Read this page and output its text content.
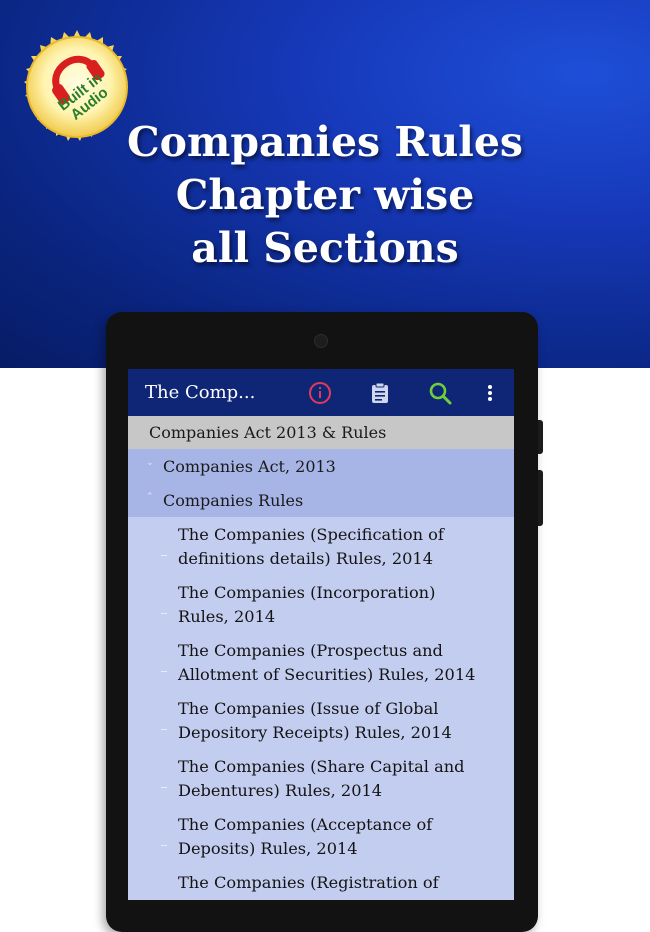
Built in Audio
Companies Rules
Chapter wise
all Sections
The Comp...
Companies Act 2013 & Rules
⌄ Companies Act, 2013
⌃ Companies Rules
The Companies (Specification of
definitions details) Rules, 2014
The Companies (Incorporation)
Rules, 2014
The Companies (Prospectus and
Allotment of Securities) Rules, 2014
The Companies (Issue of Global
Depository Receipts) Rules, 2014
The Companies (Share Capital and
Debentures) Rules, 2014
The Companies (Acceptance of
Deposits) Rules, 2014
The Companies (Registration of
